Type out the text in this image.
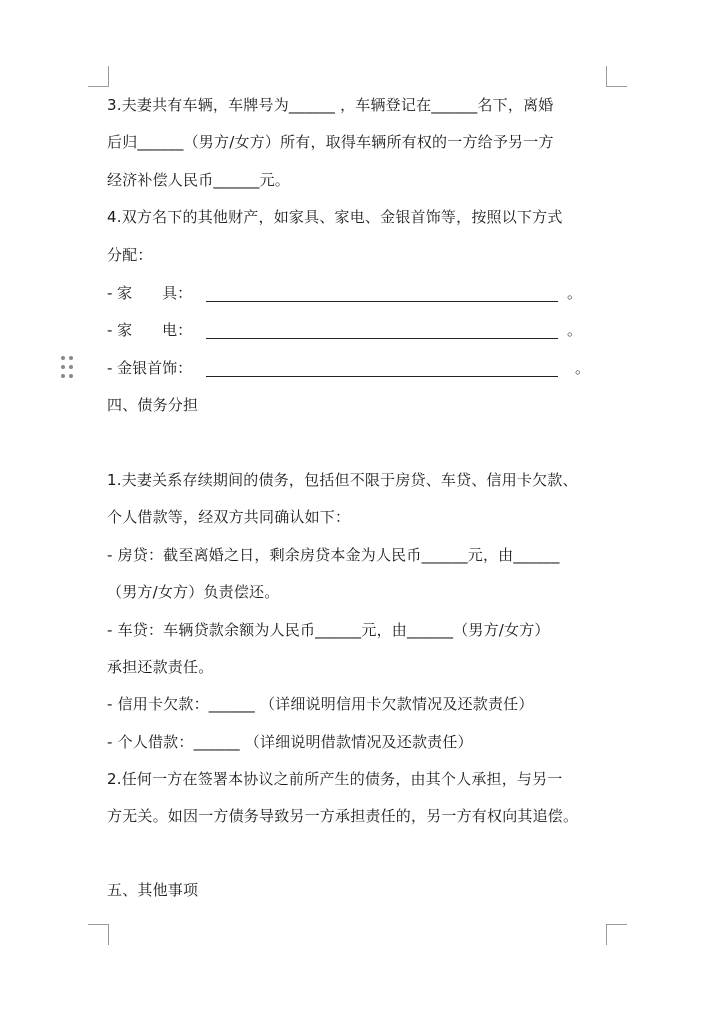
3.夫妻共有车辆，车牌号为______ ，车辆登记在______名下，离婚
后归______（男方/女方）所有，取得车辆所有权的一方给予另一方
经济补偿人民币______元。
4.双方名下的其他财产，如家具、家电、金银首饰等，按照以下方式
分配：
- 家　　具：	。
- 家　　电：	。
- 金银首饰：	。
四、债务分担
1.夫妻关系存续期间的债务，包括但不限于房贷、车贷、信用卡欠款、
个人借款等，经双方共同确认如下：
- 房贷：截至离婚之日，剩余房贷本金为人民币______元，由______
（男方/女方）负责偿还。
- 车贷：车辆贷款余额为人民币______元，由______（男方/女方）
承担还款责任。
- 信用卡欠款：______ （详细说明信用卡欠款情况及还款责任）
- 个人借款：______ （详细说明借款情况及还款责任）
2.任何一方在签署本协议之前所产生的债务，由其个人承担，与另一
方无关。如因一方债务导致另一方承担责任的，另一方有权向其追偿。
五、其他事项
